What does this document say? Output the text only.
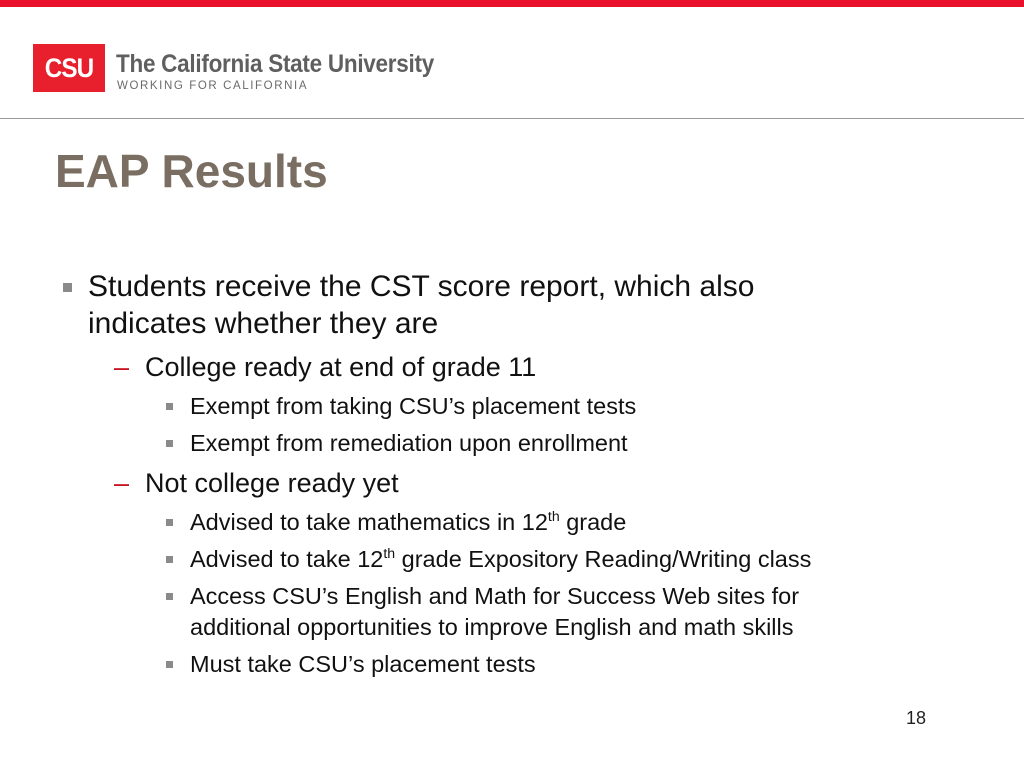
CSU The California State University
WORKING FOR CALIFORNIA
EAP Results
Students receive the CST score report, which also
indicates whether they are
– College ready at end of grade 11
Exempt from taking CSU’s placement tests
Exempt from remediation upon enrollment
– Not college ready yet
Advised to take mathematics in 12th grade
Advised to take 12th grade Expository Reading/Writing class
Access CSU’s English and Math for Success Web sites for
additional opportunities to improve English and math skills
Must take CSU’s placement tests
18
